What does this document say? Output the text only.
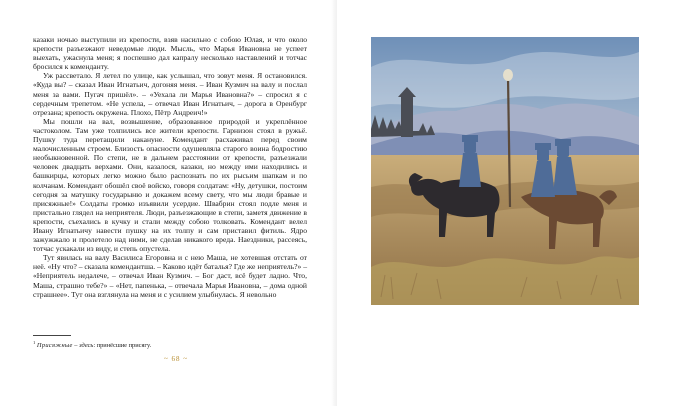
казаки ночью выступили из крепости, взяв насильно с собою Юлая, и что около крепости разъезжают неведомые люди. Мысль, что Марья Ивановна не успеет выехать, ужаснула меня; я поспешно дал капралу несколько наставлений и тотчас бросился к коменданту.

Уж рассветало. Я летел по улице, как услышал, что зовут меня. Я остановился. «Куда вы? – сказал Иван Игнатьич, догоняя меня. – Иван Кузмич на валу и послал меня за вами. Пугач пришёл». – «Уехала ли Марья Ивановна?» – спросил я с сердечным трепетом. «Не успела, – отвечал Иван Игнатьич, – дорога в Оренбург отрезана; крепость окружена. Плохо, Пётр Андреич!»

Мы пошли на вал, возвышение, образованное природой и укреплённое частоколом. Там уже толпились все жители крепости. Гарнизон стоял в ружьё. Пушку туда перетащили накануне. Комендант расхаживал перед своим малочисленным строем. Близость опасности одушевляла старого воина бодростию необыкновенной. По степи, не в дальнем расстоянии от крепости, разъезжали человек двадцать верхами. Они, казалося, казаки, но между ими находились и башкирцы, которых легко можно было распознать по их рысьим шапкам и по колчанам. Комендант обошёл своё войско, говоря солдатам: «Ну, детушки, постоим сегодня за матушку государыню и докажем всему свету, что мы люди бравые и присяжные!» Солдаты громко изъявили усердие. Швабрин стоял подле меня и пристально глядел на неприятеля. Люди, разъезжающие в степи, заметя движение в крепости, съехались в кучку и стали между собою толковать. Комендант велел Ивану Игнатьичу навести пушку на их толпу и сам приставил фитиль. Ядро зажужжало и пролетело над ними, не сделав никакого вреда. Наездники, рассеясь, тотчас ускакали из виду, и степь опустела.

Тут явилась на валу Василиса Егоровна и с нею Маша, не хотевшая отстать от неё. «Ну что? – сказала комендантша. – Каково идёт баталья? Где же неприятель?» – «Неприятель недалече, – отвечал Иван Кузмич. – Бог даст, всё будет ладно. Что, Маша, страшно тебе?» – «Нет, папенька, – отвечала Марья Ивановна, – дома одной страшнее». Тут она взглянула на меня и с усилием улыбнулась. Я невольно

$^1$ Присяжные – здесь: принёсшие присягу.
~ 68 ~
